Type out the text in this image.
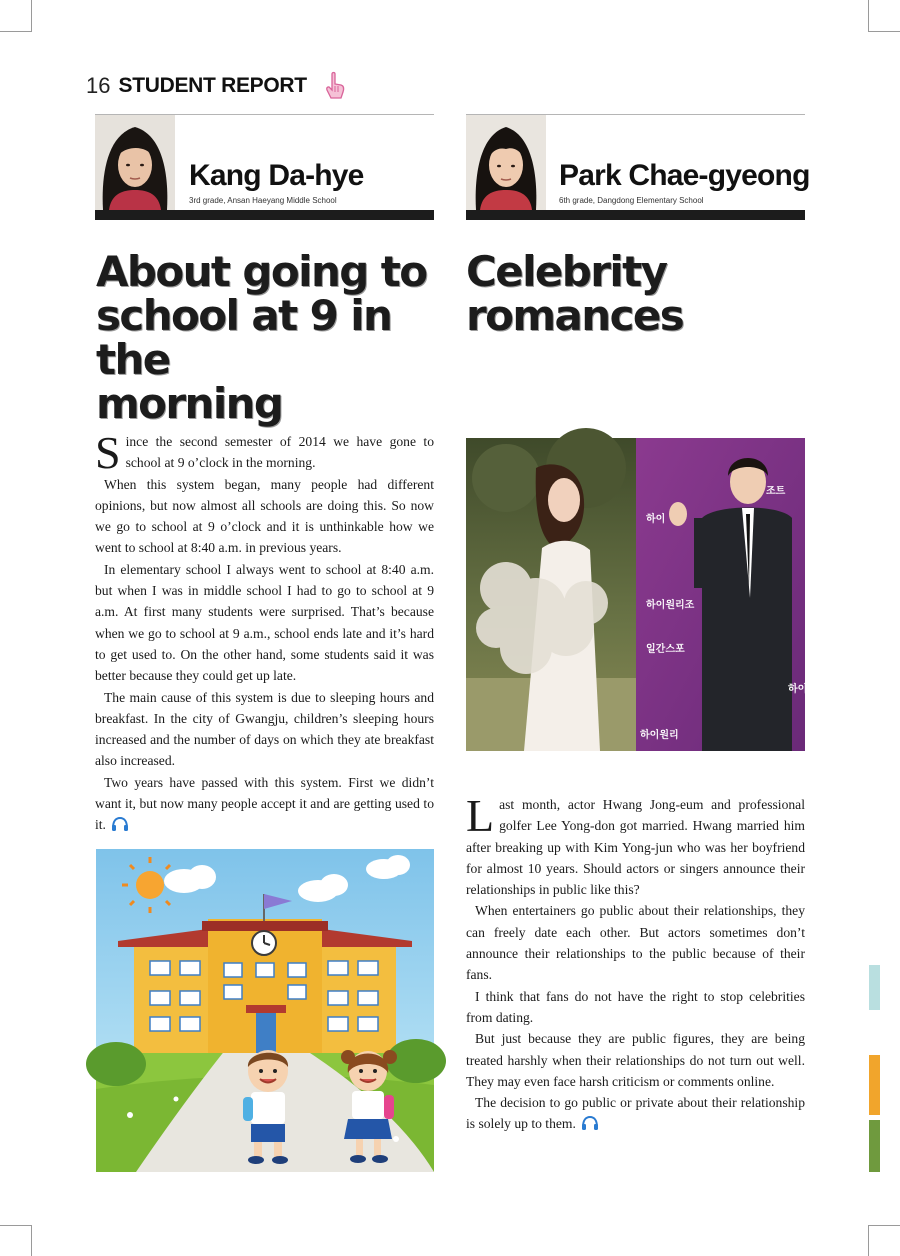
16 STUDENT REPORT
Kang Da-hye
3rd grade, Ansan Haeyang Middle School
About going to
school at 9 in the
morning

Since the second semester of 2014 we have gone to school at 9 o’clock in the morning.

When this system began, many people had different opinions, but now almost all schools are doing this. So now we go to school at 9 o’clock and it is unthinkable how we went to school at 8:40 a.m. in previous years.

In elementary school I always went to school at 8:40 a.m. but when I was in middle school I had to go to school at 9 a.m. At first many students were surprised. That’s because when we go to school at 9 a.m., school ends late and it’s hard to get used to. On the other hand, some students said it was better because they could get up late.

The main cause of this system is due to sleeping hours and breakfast. In the city of Gwangju, children’s sleeping hours increased and the number of days on which they ate breakfast also increased.

Two years have passed with this system. First we didn’t want it, but now many people accept it and are getting used to it.

Park Chae-gyeong
6th grade, Dangdong Elementary School
Celebrity
romances
조트
하이
하이원리조
일간스포
하이원리
하이

Last month, actor Hwang Jong-eum and professional golfer Lee Yong-don got married. Hwang married him after breaking up with Kim Yong-jun who was her boyfriend for almost 10 years. Should actors or singers announce their relationships in public like this?

When entertainers go public about their relationships, they can freely date each other. But actors sometimes don’t announce their relationships to the public because of their fans.

I think that fans do not have the right to stop celebrities from dating.

But just because they are public figures, they are being treated harshly when their relationships do not turn out well. They may even face harsh criticism or comments online.

The decision to go public or private about their relationship is solely up to them.
